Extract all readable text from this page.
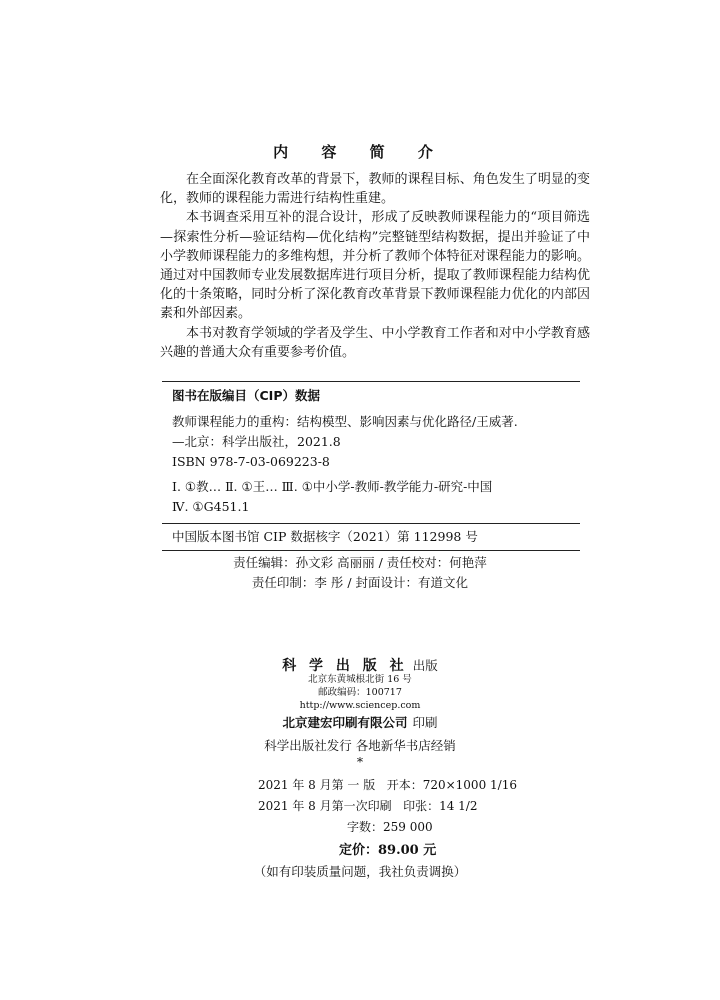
内 容 简 介

在全面深化教育改革的背景下，教师的课程目标、角色发生了明显的变化，教师的课程能力需进行结构性重建。

本书调查采用互补的混合设计，形成了反映教师课程能力的“项目筛选—探索性分析—验证结构—优化结构”完整链型结构数据，提出并验证了中小学教师课程能力的多维构想，并分析了教师个体特征对课程能力的影响。通过对中国教师专业发展数据库进行项目分析，提取了教师课程能力结构优化的十条策略，同时分析了深化教育改革背景下教师课程能力优化的内部因素和外部因素。

本书对教育学领域的学者及学生、中小学教育工作者和对中小学教育感兴趣的普通大众有重要参考价值。

图书在版编目（CIP）数据
教师课程能力的重构：结构模型、影响因素与优化路径/王威著.
—北京：科学出版社，2021.8
ISBN 978-7-03-069223-8
Ⅰ. ①教… Ⅱ. ①王… Ⅲ. ①中小学-教师-教学能力-研究-中国
Ⅳ. ①G451.1
中国版本图书馆 CIP 数据核字（2021）第 112998 号
责任编辑：孙文彩 高丽丽 / 责任校对：何艳萍
责任印制：李 彤 / 封面设计：有道文化
科 学 出 版 社 出版
北京东黄城根北街 16 号
邮政编码：100717
http://www.sciencep.com
北京建宏印刷有限公司 印刷
科学出版社发行 各地新华书店经销
*
2021 年 8 月第 一 版 开本：720×1000 1/16
2021 年 8 月第一次印刷 印张：14 1/2
字数：259 000
定价：89.00 元
（如有印装质量问题，我社负责调换）
